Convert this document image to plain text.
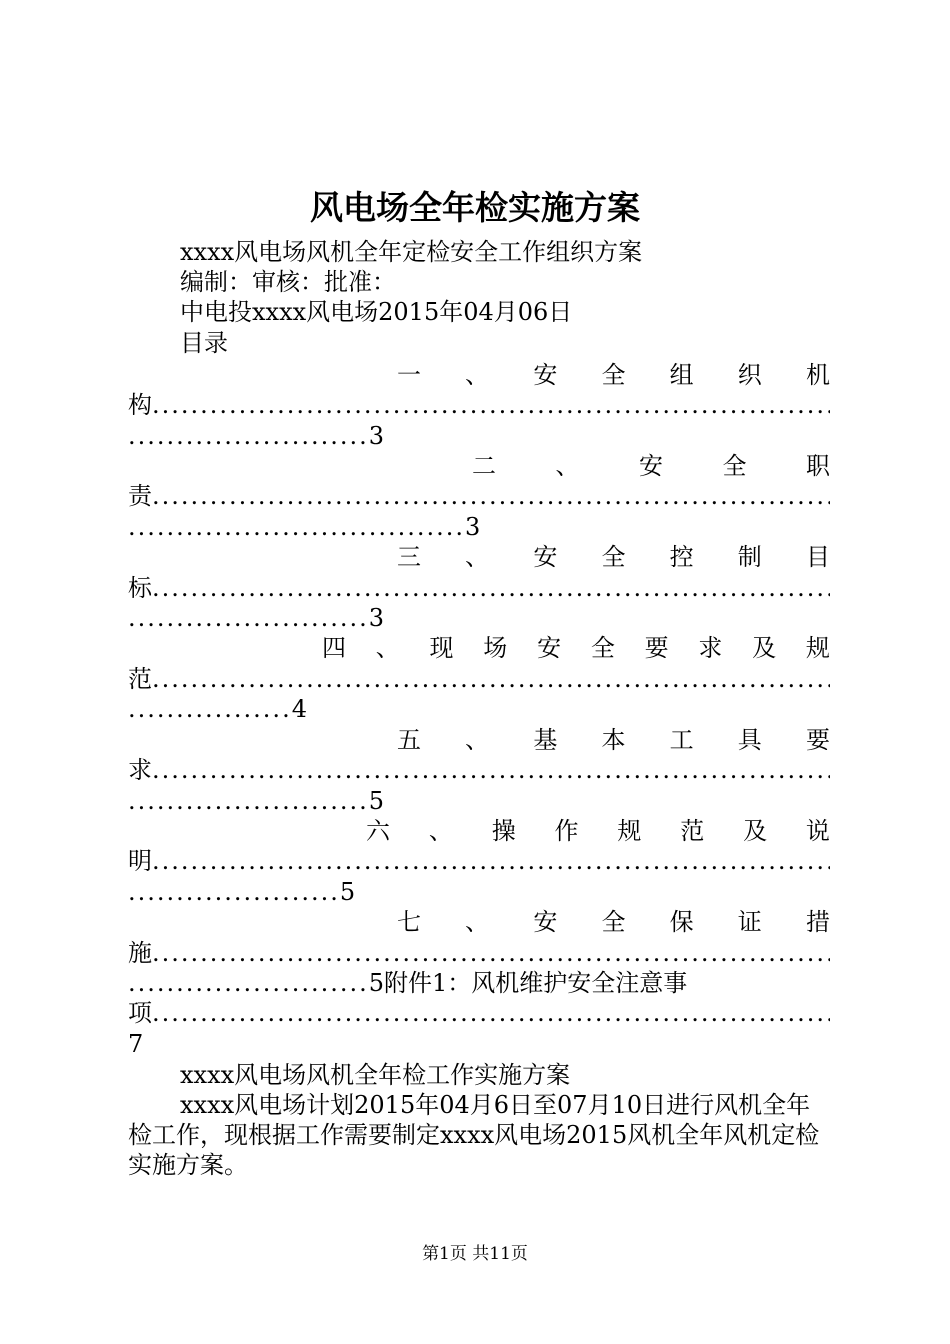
风电场全年检实施方案
xxxx风电场风机全年定检安全工作组织方案
编制：审核：批准：
中电投xxxx风电场2015年04月06日
目录
一 、 安 全 组 织 机
构
.....
.........................3
二 、 安 全 职
责
.....
...................................3
三 、 安 全 控 制 目
标
.....
.........................3
四 、 现 场 安 全 要 求 及 规
范
.....
.................4
五 、 基 本 工 具 要
求
.....
.........................5
六 、 操 作 规 范 及 说
明
.....
......................5
七 、 安 全 保 证 措
施
.....
.........................5附件1：风机维护安全注意事
项
.....
7
xxxx风电场风机全年检工作实施方案
xxxx风电场计划2015年04月6日至07月10日进行风机全年检工作，现根据工作需要制定xxxx风电场2015风机全年风机定检实施方案。
第1页 共11页
